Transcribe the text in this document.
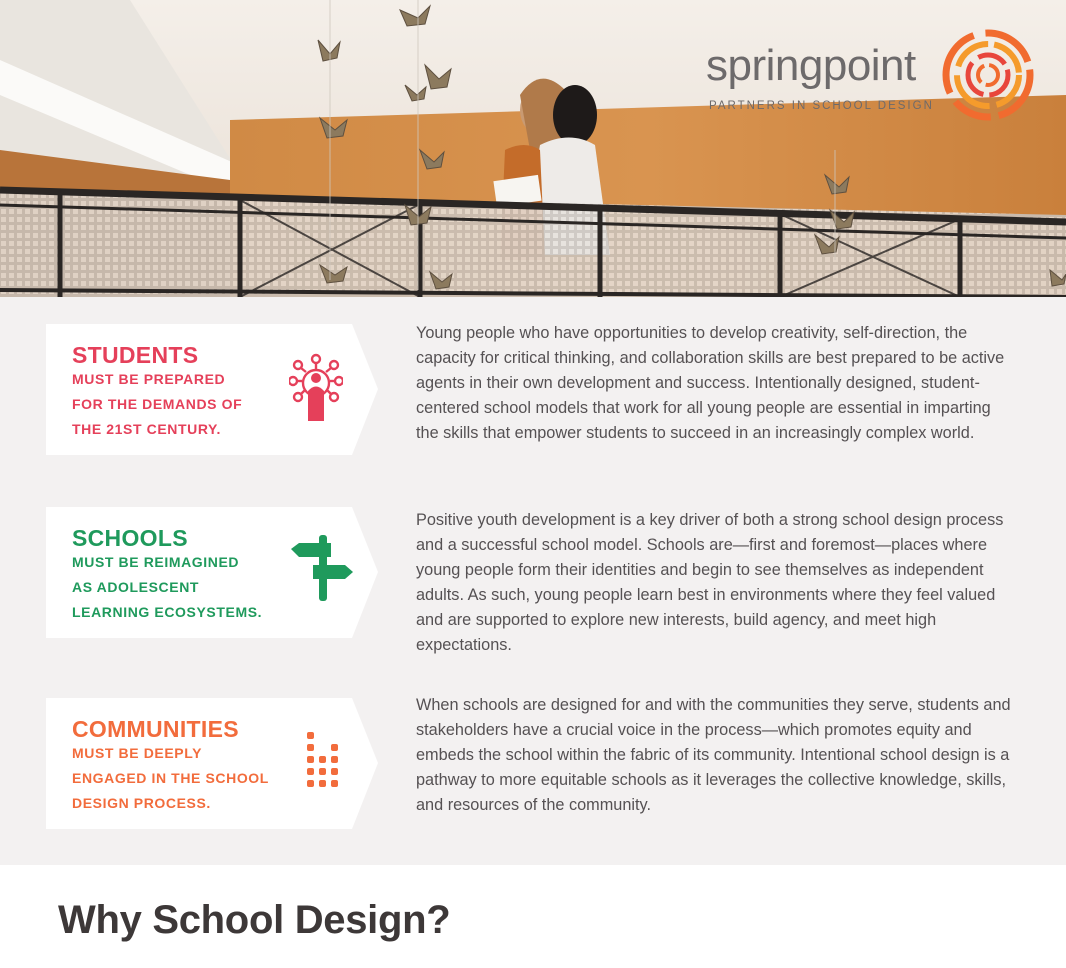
springpoint
PARTNERS IN SCHOOL DESIGN
STUDENTS
MUST BE PREPARED
FOR THE DEMANDS OF
THE 21ST CENTURY.
Young people who have opportunities to develop creativity, self-direction, the capacity for critical thinking, and collaboration skills are best prepared to be active agents in their own development and success. Intentionally designed, student-centered school models that work for all young people are essential in imparting the skills that empower students to succeed in an increasingly complex world.
SCHOOLS
MUST BE REIMAGINED
AS ADOLESCENT
LEARNING ECOSYSTEMS.
Positive youth development is a key driver of both a strong school design process and a successful school model. Schools are—first and foremost—places where young people form their identities and begin to see themselves as independent adults. As such, young people learn best in environments where they feel valued and are supported to explore new interests, build agency, and meet high expectations.
COMMUNITIES
MUST BE DEEPLY
ENGAGED IN THE SCHOOL
DESIGN PROCESS.
When schools are designed for and with the communities they serve, students and stakeholders have a crucial voice in the process—which promotes equity and embeds the school within the fabric of its community. Intentional school design is a pathway to more equitable schools as it leverages the collective knowledge, skills, and resources of the community.
Why School Design?
